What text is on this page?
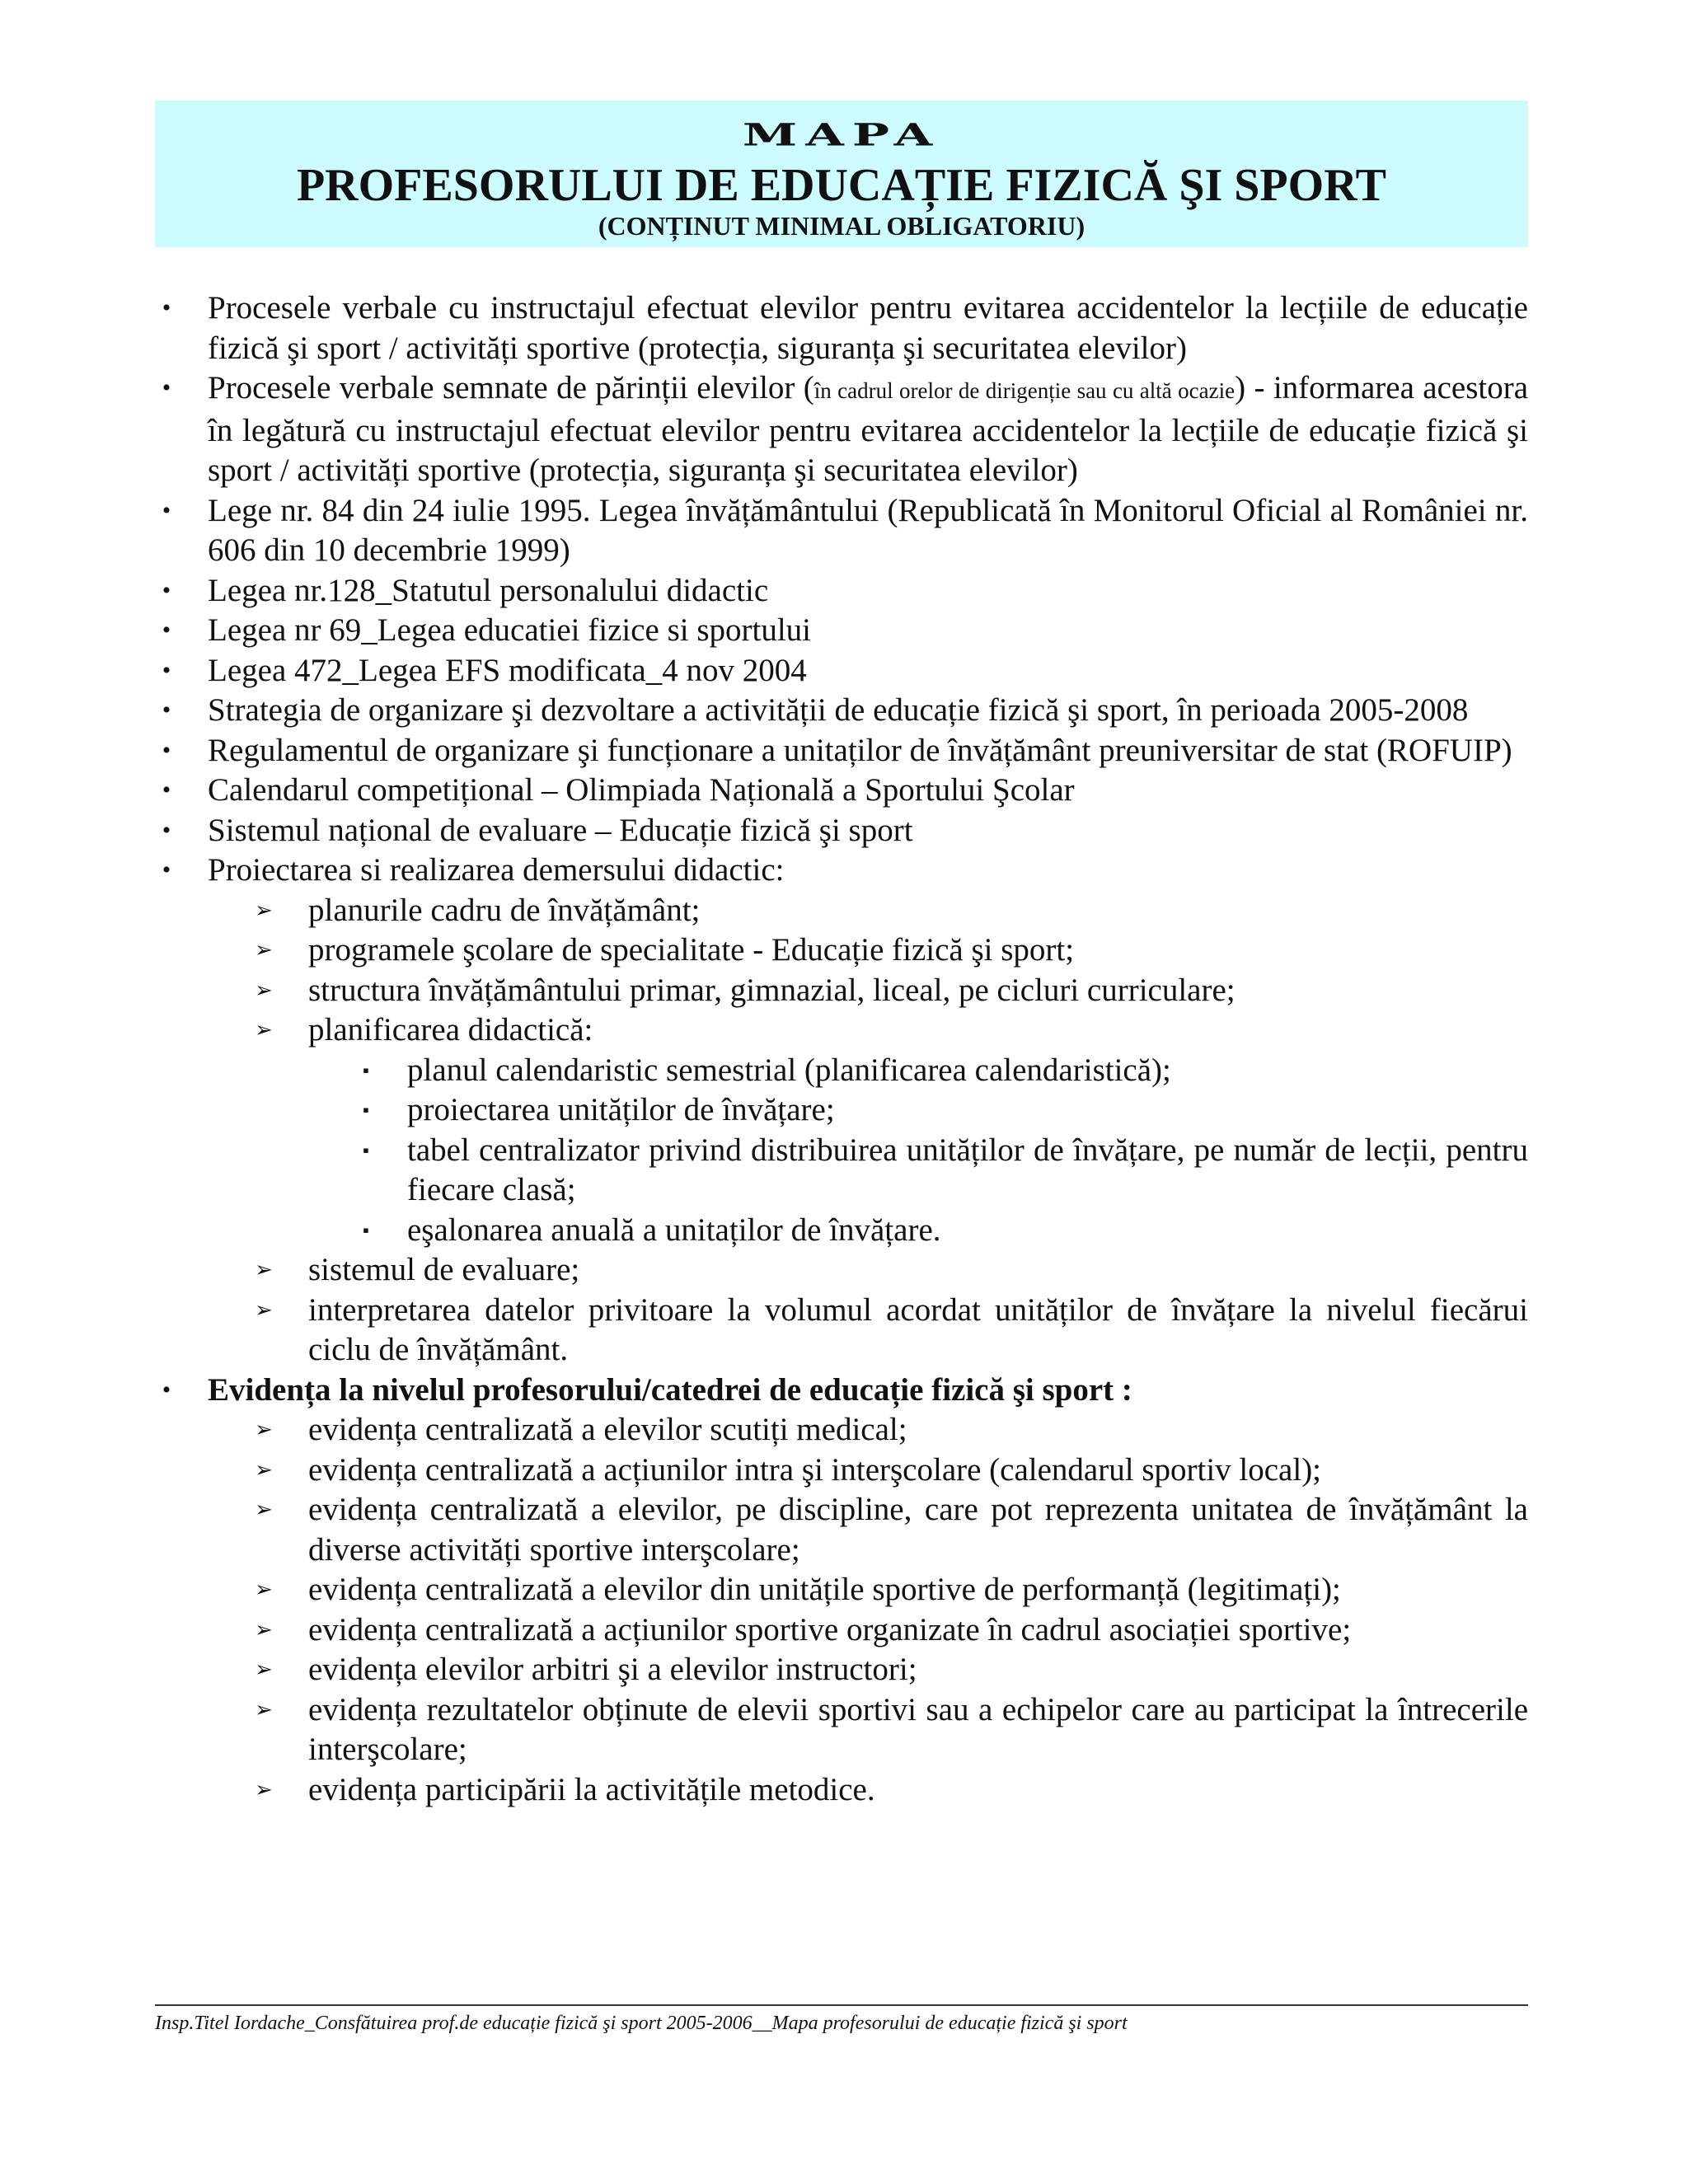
MAPA
PROFESORULUI DE EDUCAȚIE FIZICĂ ŞI SPORT
(CONȚINUT MINIMAL OBLIGATORIU)
• Procesele verbale cu instructajul efectuat elevilor pentru evitarea accidentelor la lecțiile de educație fizică şi sport / activități sportive (protecția, siguranța şi securitatea elevilor)
• Procesele verbale semnate de părinții elevilor (în cadrul orelor de dirigenție sau cu altă ocazie) - informarea acestora în legătură cu instructajul efectuat elevilor pentru evitarea accidentelor la lecțiile de educație fizică şi sport / activități sportive (protecția, siguranța şi securitatea elevilor)
• Lege nr. 84 din 24 iulie 1995. Legea învățământului (Republicată în Monitorul Oficial al României nr. 606 din 10 decembrie 1999)
• Legea nr.128_Statutul personalului didactic
• Legea nr 69_Legea educatiei fizice si sportului
• Legea 472_Legea EFS modificata_4 nov 2004
• Strategia de organizare şi dezvoltare a activității de educație fizică şi sport, în perioada 2005-2008
• Regulamentul de organizare şi funcționare a unitaților de învățământ preuniversitar de stat (ROFUIP)
• Calendarul competițional – Olimpiada Națională a Sportului Şcolar
• Sistemul național de evaluare – Educație fizică şi sport
• Proiectarea si realizarea demersului didactic:
➢ planurile cadru de învățământ;
➢ programele şcolare de specialitate - Educație fizică şi sport;
➢ structura învățământului primar, gimnazial, liceal, pe cicluri curriculare;
➢ planificarea didactică:
▪ planul calendaristic semestrial (planificarea calendaristică);
▪ proiectarea unităților de învățare;
▪ tabel centralizator privind distribuirea unităților de învățare, pe număr de lecții, pentru fiecare clasă;
▪ eşalonarea anuală a unitaților de învățare.
➢ sistemul de evaluare;
➢ interpretarea datelor privitoare la volumul acordat unităților de învățare la nivelul fiecărui ciclu de învățământ.
• Evidența la nivelul profesorului/catedrei de educație fizică şi sport :
➢ evidența centralizată a elevilor scutiți medical;
➢ evidența centralizată a acțiunilor intra şi interşcolare (calendarul sportiv local);
➢ evidența centralizată a elevilor, pe discipline, care pot reprezenta unitatea de învățământ la diverse activități sportive interşcolare;
➢ evidența centralizată a elevilor din unitățile sportive de performanță (legitimați);
➢ evidența centralizată a acțiunilor sportive organizate în cadrul asociației sportive;
➢ evidența elevilor arbitri şi a elevilor instructori;
➢ evidența rezultatelor obținute de elevii sportivi sau a echipelor care au participat la întrecerile interşcolare;
➢ evidența participării la activitățile metodice.
Insp.Titel Iordache_Consfătuirea prof.de educație fizică şi sport 2005-2006__Mapa profesorului de educație fizică şi sport
